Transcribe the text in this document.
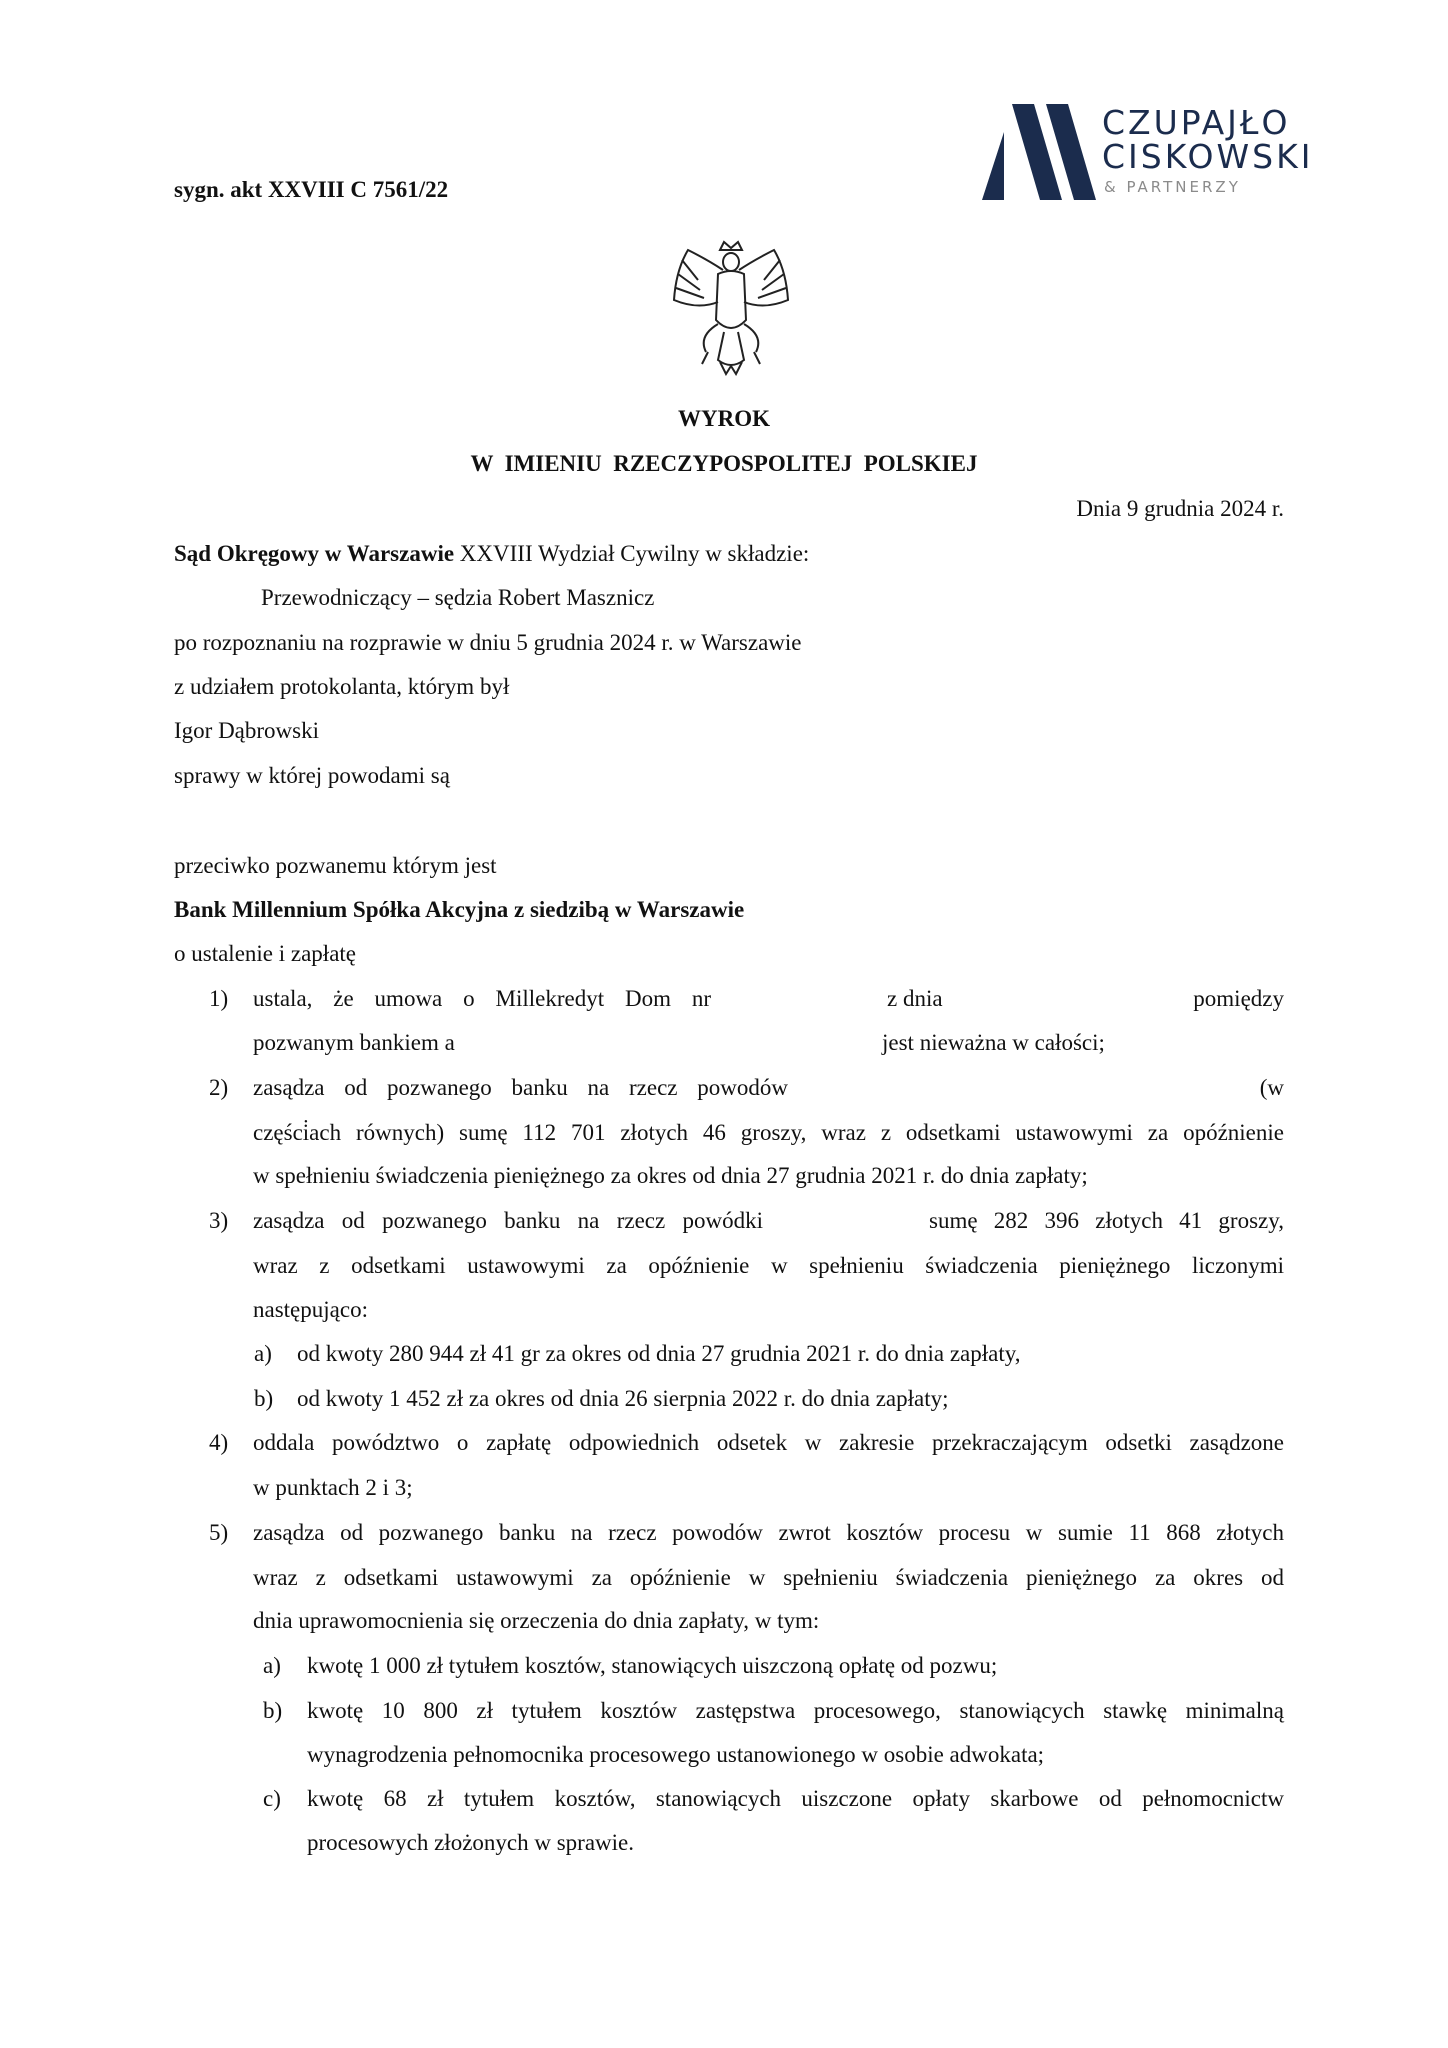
sygn. akt XXVIII C 7561/22
CZUPAJŁO
CISKOWSKI
& PARTNERZY
WYROK
W  IMIENIU  RZECZYPOSPOLITEJ  POLSKIEJ
Dnia 9 grudnia 2024 r.
Sąd Okręgowy w Warszawie XXVIII Wydział Cywilny w składzie:
Przewodniczący – sędzia Robert Masznicz
po rozpoznaniu na rozprawie w dniu 5 grudnia 2024 r. w Warszawie
z udziałem protokolanta, którym był
Igor Dąbrowski
sprawy w której powodami są
przeciwko pozwanemu którym jest
Bank Millennium Spółka Akcyjna z siedzibą w Warszawie
o ustalenie i zapłatę
1) ustala, że umowa o Millekredyt Dom nr	z dnia	pomiędzy
pozwanym bankiem a	jest nieważna w całości;
2) zasądza od pozwanego banku na rzecz powodów	(w
części̇ach równych) sumę 112 701 złotych 46 groszy, wraz z odsetkami ustawowymi za opóźnienie
w spełnieniu świadczenia pieniężnego za okres od dnia 27 grudnia 2021 r. do dnia zapłaty;
3) zasądza od pozwanego banku na rzecz powódki	sumę 282 396 złotych 41 groszy,
wraz z odsetkami ustawowymi za opóźnienie w spełnieniu świadczenia pieniężnego liczonymi
następująco:
a) od kwoty 280 944 zł 41 gr za okres od dnia 27 grudnia 2021 r. do dnia zapłaty,
b) od kwoty 1 452 zł za okres od dnia 26 sierpnia 2022 r. do dnia zapłaty;
4) oddala powództwo o zapłatę odpowiednich odsetek w zakresie przekraczającym odsetki zasądzone
w punktach 2 i 3;
5) zasądza od pozwanego banku na rzecz powodów zwrot kosztów procesu w sumie 11 868 złotych
wraz z odsetkami ustawowymi za opóźnienie w spełnieniu świadczenia pieniężnego za okres od
dnia uprawomocnienia się orzeczenia do dnia zapłaty, w tym:
a) kwotę 1 000 zł tytułem kosztów, stanowiących uiszczoną opłatę od pozwu;
b) kwotę 10 800 zł tytułem kosztów zastępstwa procesowego, stanowiących stawkę minimalną
wynagrodzenia pełnomocnika procesowego ustanowionego w osobie adwokata;
c) kwotę 68 zł tytułem kosztów, stanowiących uiszczone opłaty skarbowe od pełnomocnictw
procesowych złożonych w sprawie.
